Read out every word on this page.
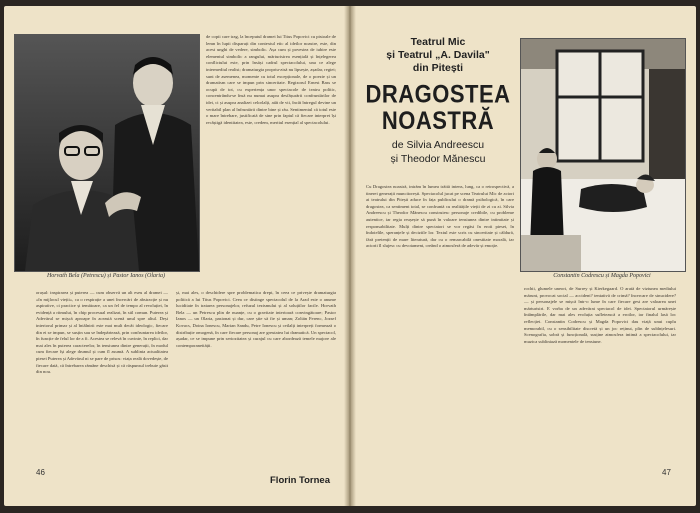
Horvath Bela (Petrescu) și Pastor Ianos (Olaria)
de copii care trag, la începutul dramei lui Titus Popovici cu pistoale de lemn în lupii disparuți din contextul etic al ideilor noastre, este, din acest unghi de vedere, simbolic. Așa cum și povestea de iubire este elementul simbolic a rangului, mărturisirea esențială și înțelegerea conflictului este, prin însăși cadrul spectacolului, una ce alege intermediul realist; dramaturgia propriu-zisă nu lipsește, așadar, regiei; sunt de asemenea, momente cu totul excepționale, de o poezie și un dramatism care se impun prin sinceritate. Regizorul Ernest Bass se ocupă de tot, cu experiența unor spectacole de teatru politic, concentrându-se însă nu numai asupra desfășurării confruntărilor de idei, ci și asupra analizei celorlalți, atât de vii, încât întregul devine un veritabil plan al înfruntării dintre bine și rău. Sentimentul că totul este o mare întrebare, justificată de sine prin faptul că fiecare interpret își recâștigă identitatea, este, credem, meritul esențial al spectacolului.
orașul: inspirarea și puterea — cum observă un alt eseu al dramei — «în mijlocul vieții», ca o respirație a unei încercări de abstracție și nu aspirative, ci practice și temătoare, ca un fel de tempo al revoluției, în evidență a ritmului, în chip procesual realizat, în stil comun. Puterea și Adevărul se mișcă aproape în această scenă unul spre altul. Deși interiorul primar și al întâlnirii este mai mult decât ideologic, fiecare din ei se impun, se susțin sau se îndepărtează, prin confruntarea ideilor, în funcție de felul lor de a fi. Acestea se relevă în cuvinte, în replici, dar mai ales în puterea caracterelor, în tensiunea dintre generații, în modul cum fiecare își alege drumul și cum îl asumă. A sublinia actualitatea piesei Puterea și Adevărul ni se pare de prisos: viața reală dovedește, de fiecare dată, că întrebarea rămâne deschisă și că răspunsul trebuie găsit din nou.
și, mai ales, o deschidere spre problematica drept, în ceea ce privește dramaturgia politică a lui Titus Popovici. Ceea ce distinge spectacolul de la Arad este o anume luciditate în tratarea personajelor, refuzul tezismului și al soluțiilor facile. Horvath Bela — un Petrescu plin de nuanțe, cu o gravitate interioară convingătoare; Pastor Ianos — un Olaria, pasionat și dur, care știe să fie și uman; Zoltán Ferenc, Jozsef Kovacs, Doina Ionescu, Marian Sandu, Petre Ionescu și ceilalți interpreți formează o distribuție omogenă, în care fiecare personaj are greutatea lui dramatică. Un spectacol, așadar, ce se impune prin seriozitatea și curajul cu care abordează temele majore ale contemporaneității.
Florin Tornea
46
Teatrul Mic
și Teatrul „A. Davila"
din Pitești
DRAGOSTEA
NOASTRĂ
de Silvia Andreescu
și Theodor Mănescu
Constantin Codrescu și Magda Popovici
Cu Dragostea noastră, intrăm în lumea trăită intens, lung, ca o retrospectivă, a tinerei generații muncitorești. Spectacolul jucat pe scena Teatrului Mic de actori ai teatrului din Pitești aduce în fața publicului o dramă psihologică, în care dragostea, ca sentiment total, se confruntă cu realitățile vieții de zi cu zi. Silvia Andreescu și Theodor Mănescu construiesc personaje credibile, cu probleme autentice, iar regia reușește să pună în valoare tensiunea dintre intimitate și responsabilitate. Mulți dintre spectatori se vor regăsi în eroii piesei, în îndoielile, speranțele și deciziile lor. Textul este scris cu sinceritate și căldură, fără pretenții de mare literatură, dar cu o remarcabilă onestitate morală, iar actorii îl slujesc cu devotament, creând o atmosferă de adevăr și emoție.
rochii, glumele uneori, de Surrey și Kierkegaard. O arată de viziunea mediului mărunt, provocat social — accident? tentativă de crimă? încercare de sinucidere? — și personajele se mișcă într-o lume în care fiecare gest are valoarea unei mărturisiri. E vorba de un adevărat spectacol de idei. Spectatorul urmărește întâmplările, dar mai ales evoluția sufletească a eroilor, iar finalul lasă loc reflecției. Constantin Codrescu și Magda Popovici dau viață unui cuplu memorabil, cu o sensibilitate discretă și un joc reținut, plin de subînțelesuri. Scenografia, sobră și funcțională, susține atmosfera intimă a spectacolului, iar muzica subliniază momentele de tensiune.
47
